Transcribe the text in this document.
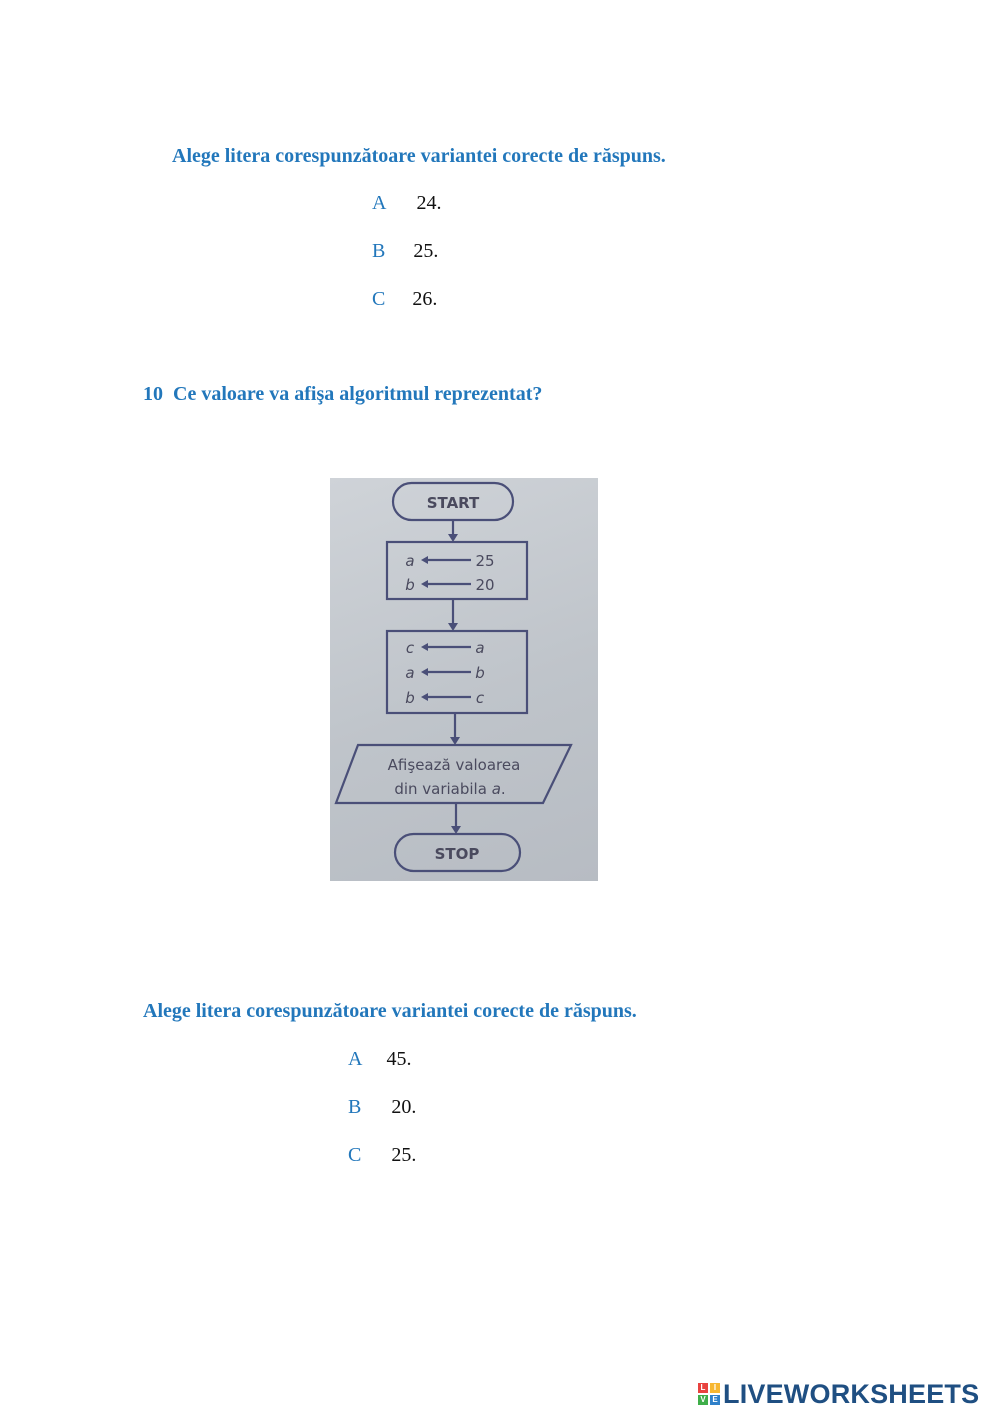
Alege litera corespunzătoare variantei corecte de răspuns.
A 24.
B 25.
C 26.
10 Ce valoare va afişa algoritmul reprezentat?
START
a	25
b	20
c	a
a	b
b	c
Afişează valoarea
din variabila a.
STOP
Alege litera corespunzătoare variantei corecte de răspuns.
A 45.
B 20.
C 25.
L	I
V E LIVEWORKSHEETS
